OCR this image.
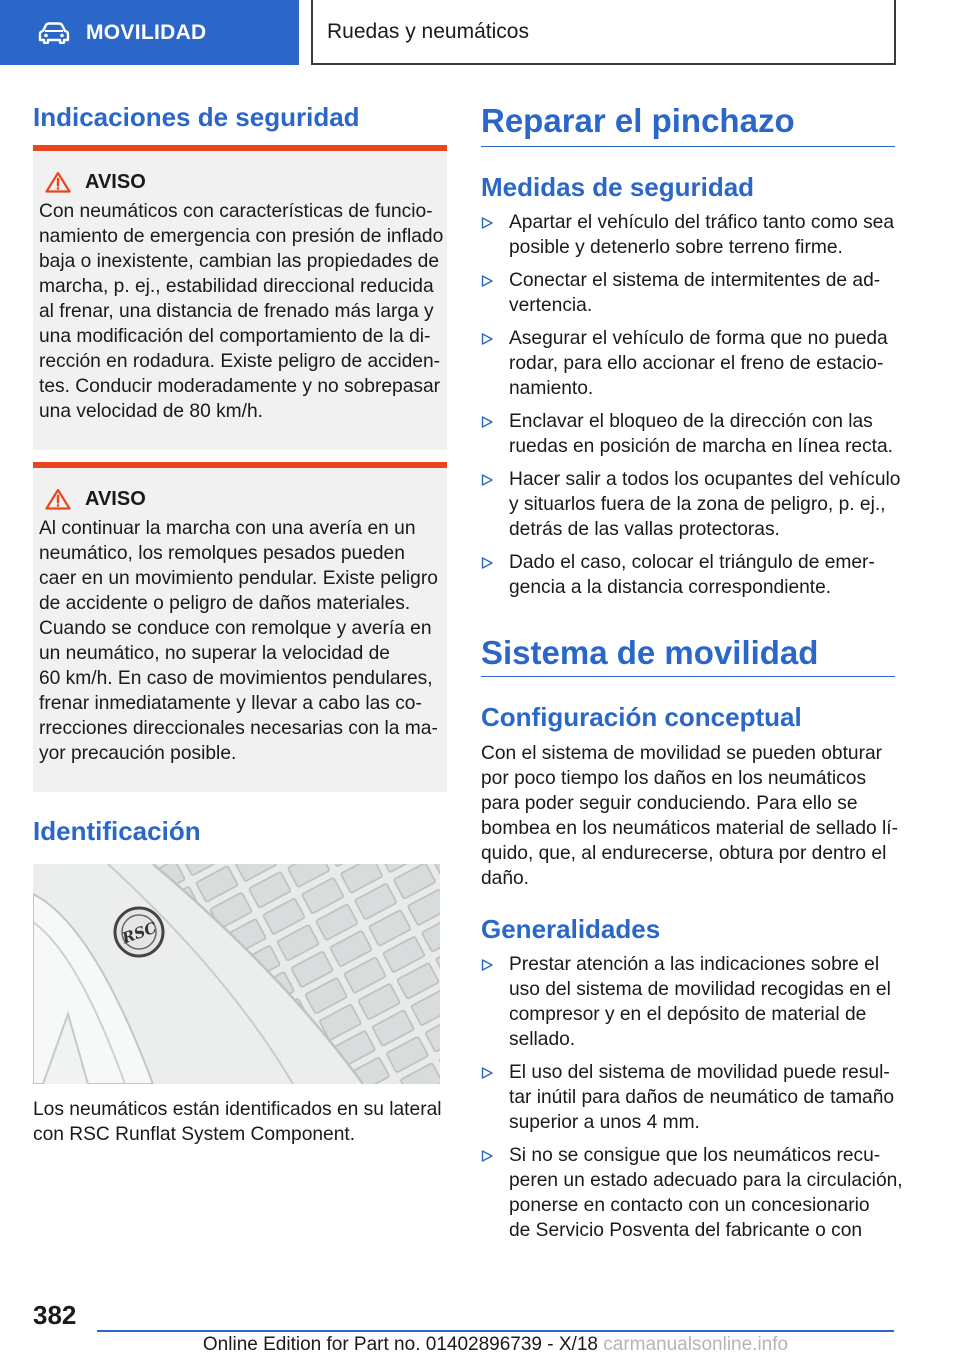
MOVILIDAD	Ruedas y neumáticos
Indicaciones de seguridad
AVISO
Con neumáticos con características de funcio-
namiento de emergencia con presión de inflado
baja o inexistente, cambian las propiedades de
marcha, p. ej., estabilidad direccional reducida
al frenar, una distancia de frenado más larga y
una modificación del comportamiento de la di-
rección en rodadura. Existe peligro de acciden-
tes. Conducir moderadamente y no sobrepasar
una velocidad de 80 km/h.
AVISO
Al continuar la marcha con una avería en un
neumático, los remolques pesados pueden
caer en un movimiento pendular. Existe peligro
de accidente o peligro de daños materiales.
Cuando se conduce con remolque y avería en
un neumático, no superar la velocidad de
60 km/h. En caso de movimientos pendulares,
frenar inmediatamente y llevar a cabo las co-
rrecciones direccionales necesarias con la ma-
yor precaución posible.
Identificación
RSC
Los neumáticos están identificados en su lateral
con RSC Runflat System Component.
Reparar el pinchazo
Medidas de seguridad
Apartar el vehículo del tráfico tanto como sea
posible y detenerlo sobre terreno firme.
Conectar el sistema de intermitentes de ad-
vertencia.
Asegurar el vehículo de forma que no pueda
rodar, para ello accionar el freno de estacio-
namiento.
Enclavar el bloqueo de la dirección con las
ruedas en posición de marcha en línea recta.
Hacer salir a todos los ocupantes del vehículo
y situarlos fuera de la zona de peligro, p. ej.,
detrás de las vallas protectoras.
Dado el caso, colocar el triángulo de emer-
gencia a la distancia correspondiente.
Sistema de movilidad
Configuración conceptual
Con el sistema de movilidad se pueden obturar
por poco tiempo los daños en los neumáticos
para poder seguir conduciendo. Para ello se
bombea en los neumáticos material de sellado lí-
quido, que, al endurecerse, obtura por dentro el
daño.
Generalidades
Prestar atención a las indicaciones sobre el
uso del sistema de movilidad recogidas en el
compresor y en el depósito de material de
sellado.
El uso del sistema de movilidad puede resul-
tar inútil para daños de neumático de tamaño
superior a unos 4 mm.
Si no se consigue que los neumáticos recu-
peren un estado adecuado para la circulación,
ponerse en contacto con un concesionario
de Servicio Posventa del fabricante o con
382
Online Edition for Part no. 01402896739 - X/18 carmanualsonline.info
